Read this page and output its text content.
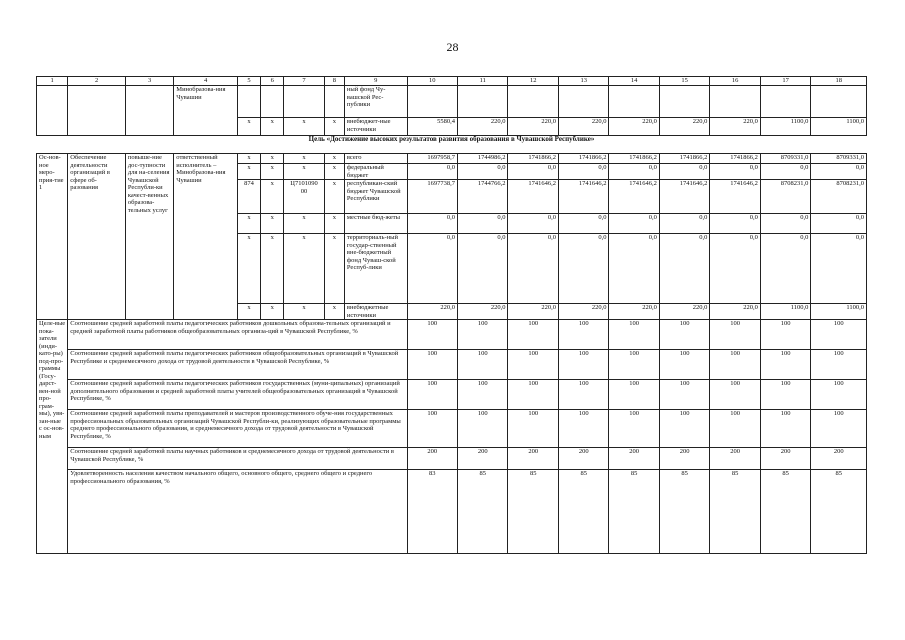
28
1	2	3	4	5	6	7	8	9	10	11	12	13	14	15	16	17	18
			Минобразова-ния Чувашии					ный фонд Чу-вашской Рес-публики									
				x	x	x	x	внебюджет-ные источники	5580,4	220,0	220,0	220,0	220,0	220,0	220,0	1100,0	1100,0
Цель «Достижение высоких результатов развития образования в Чувашской Республике»																	
Ос-нов-ное меро-прия-тие 1	Обеспечение деятельности организаций в сфере об-разования	повыше-ние дос-тупности для на-селения Чувашской Республи-ки качест-венных образова-тельных услуг	ответственный исполнитель – Минобразова-ния Чувашии	x	x	x	x	всего	1697958,7	1744986,2	1741866,2	1741866,2	1741866,2	1741866,2	1741866,2	8709331,0	8709331,0
				x	x	x	x	федеральный бюджет	0,0	0,0	0,0	0,0	0,0	0,0	0,0	0,0	0,0
				874	x	Ц7101090 00	x	республикан-ский бюджет Чувашской Республики	1697738,7	1744766,2	1741646,2	1741646,2	1741646,2	1741646,2	1741646,2	8708231,0	8708231,0
				x	x	x	x	местные бюд-жеты	0,0	0,0	0,0	0,0	0,0	0,0	0,0	0,0	0,0
				x	x	x	x	территориаль-ный государ-ственный вне-бюджетный фонд Чуваш-ской Респуб-лики	0,0	0,0	0,0	0,0	0,0	0,0	0,0	0,0	0,0
				x	x	x	x	внебюджетные источники	220,0	220,0	220,0	220,0	220,0	220,0	220,0	1100,0	1100,0
Целе-вые пока-затели (инди-като-ры) под-про-граммы (Госу-дарст-вен-ной про-грам-мы), увя-зан-ные с ос-нов-ным	Соотношение средней заработной платы педагогических работников дошкольных образова-тельных организаций и средней заработной платы работников общеобразовательных организа-ций в Чувашской Республике, %								100	100	100	100	100	100	100	100	100
	Соотношение средней заработной платы педагогических работников общеобразовательных организаций в Чувашской Республике и среднемесячного дохода от трудовой деятельности в Чувашской Республике, %								100	100	100	100	100	100	100	100	100
	Соотношение средней заработной платы педагогических работников государственных (муни-ципальных) организаций дополнительного образования и средней заработной платы учителей общеобразовательных организаций в Чувашской Республике, %								100	100	100	100	100	100	100	100	100
	Соотношение средней заработной платы преподавателей и мастеров производственного обуче-ния государственных профессиональных образовательных организаций Чувашской Республи-ки, реализующих образовательные программы среднего профессионального образования, и среднемесячного дохода от трудовой деятельности в Чувашской Республике, %								100	100	100	100	100	100	100	100	100
	Соотношение средней заработной платы научных работников и среднемесячного дохода от трудовой деятельности в Чувашской Республике, %								200	200	200	200	200	200	200	200	200
	Удовлетворенность населения качеством начального общего, основного общего, среднего общего и среднего профессионального образования, %								83	85	85	85	85	85	85	85	85
